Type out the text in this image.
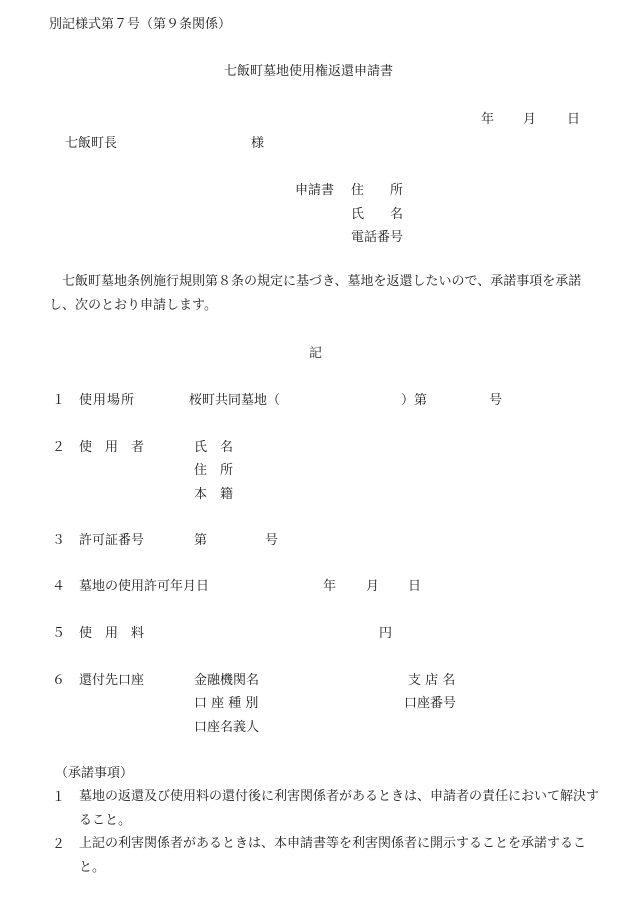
別記様式第７号（第９条関係）
七飯町墓地使用権返還申請書
年 月 日
七飯町長	様
申請書 住　　所
氏　　名
電話番号
七飯町墓地条例施行規則第８条の規定に基づき、墓地を返還したいので、承諾事項を承諾し、次のとおり申請します。
記
１ 使用場所	桜町共同墓地（	）第	号
２ 使　用　者	氏　名
住　所
本　籍
３ 許可証番号	第	号
４ 墓地の使用許可年月日	年 月 日
５ 使　用　料	円
６ 還付先口座	金融機関名	支 店 名
口 座 種 別	口座番号
口座名義人
（承諾事項）
１	墓地の返還及び使用料の還付後に利害関係者があるときは、申請者の責任において解決すること。
２	上記の利害関係者があるときは、本申請書等を利害関係者に開示することを承諾すること。
